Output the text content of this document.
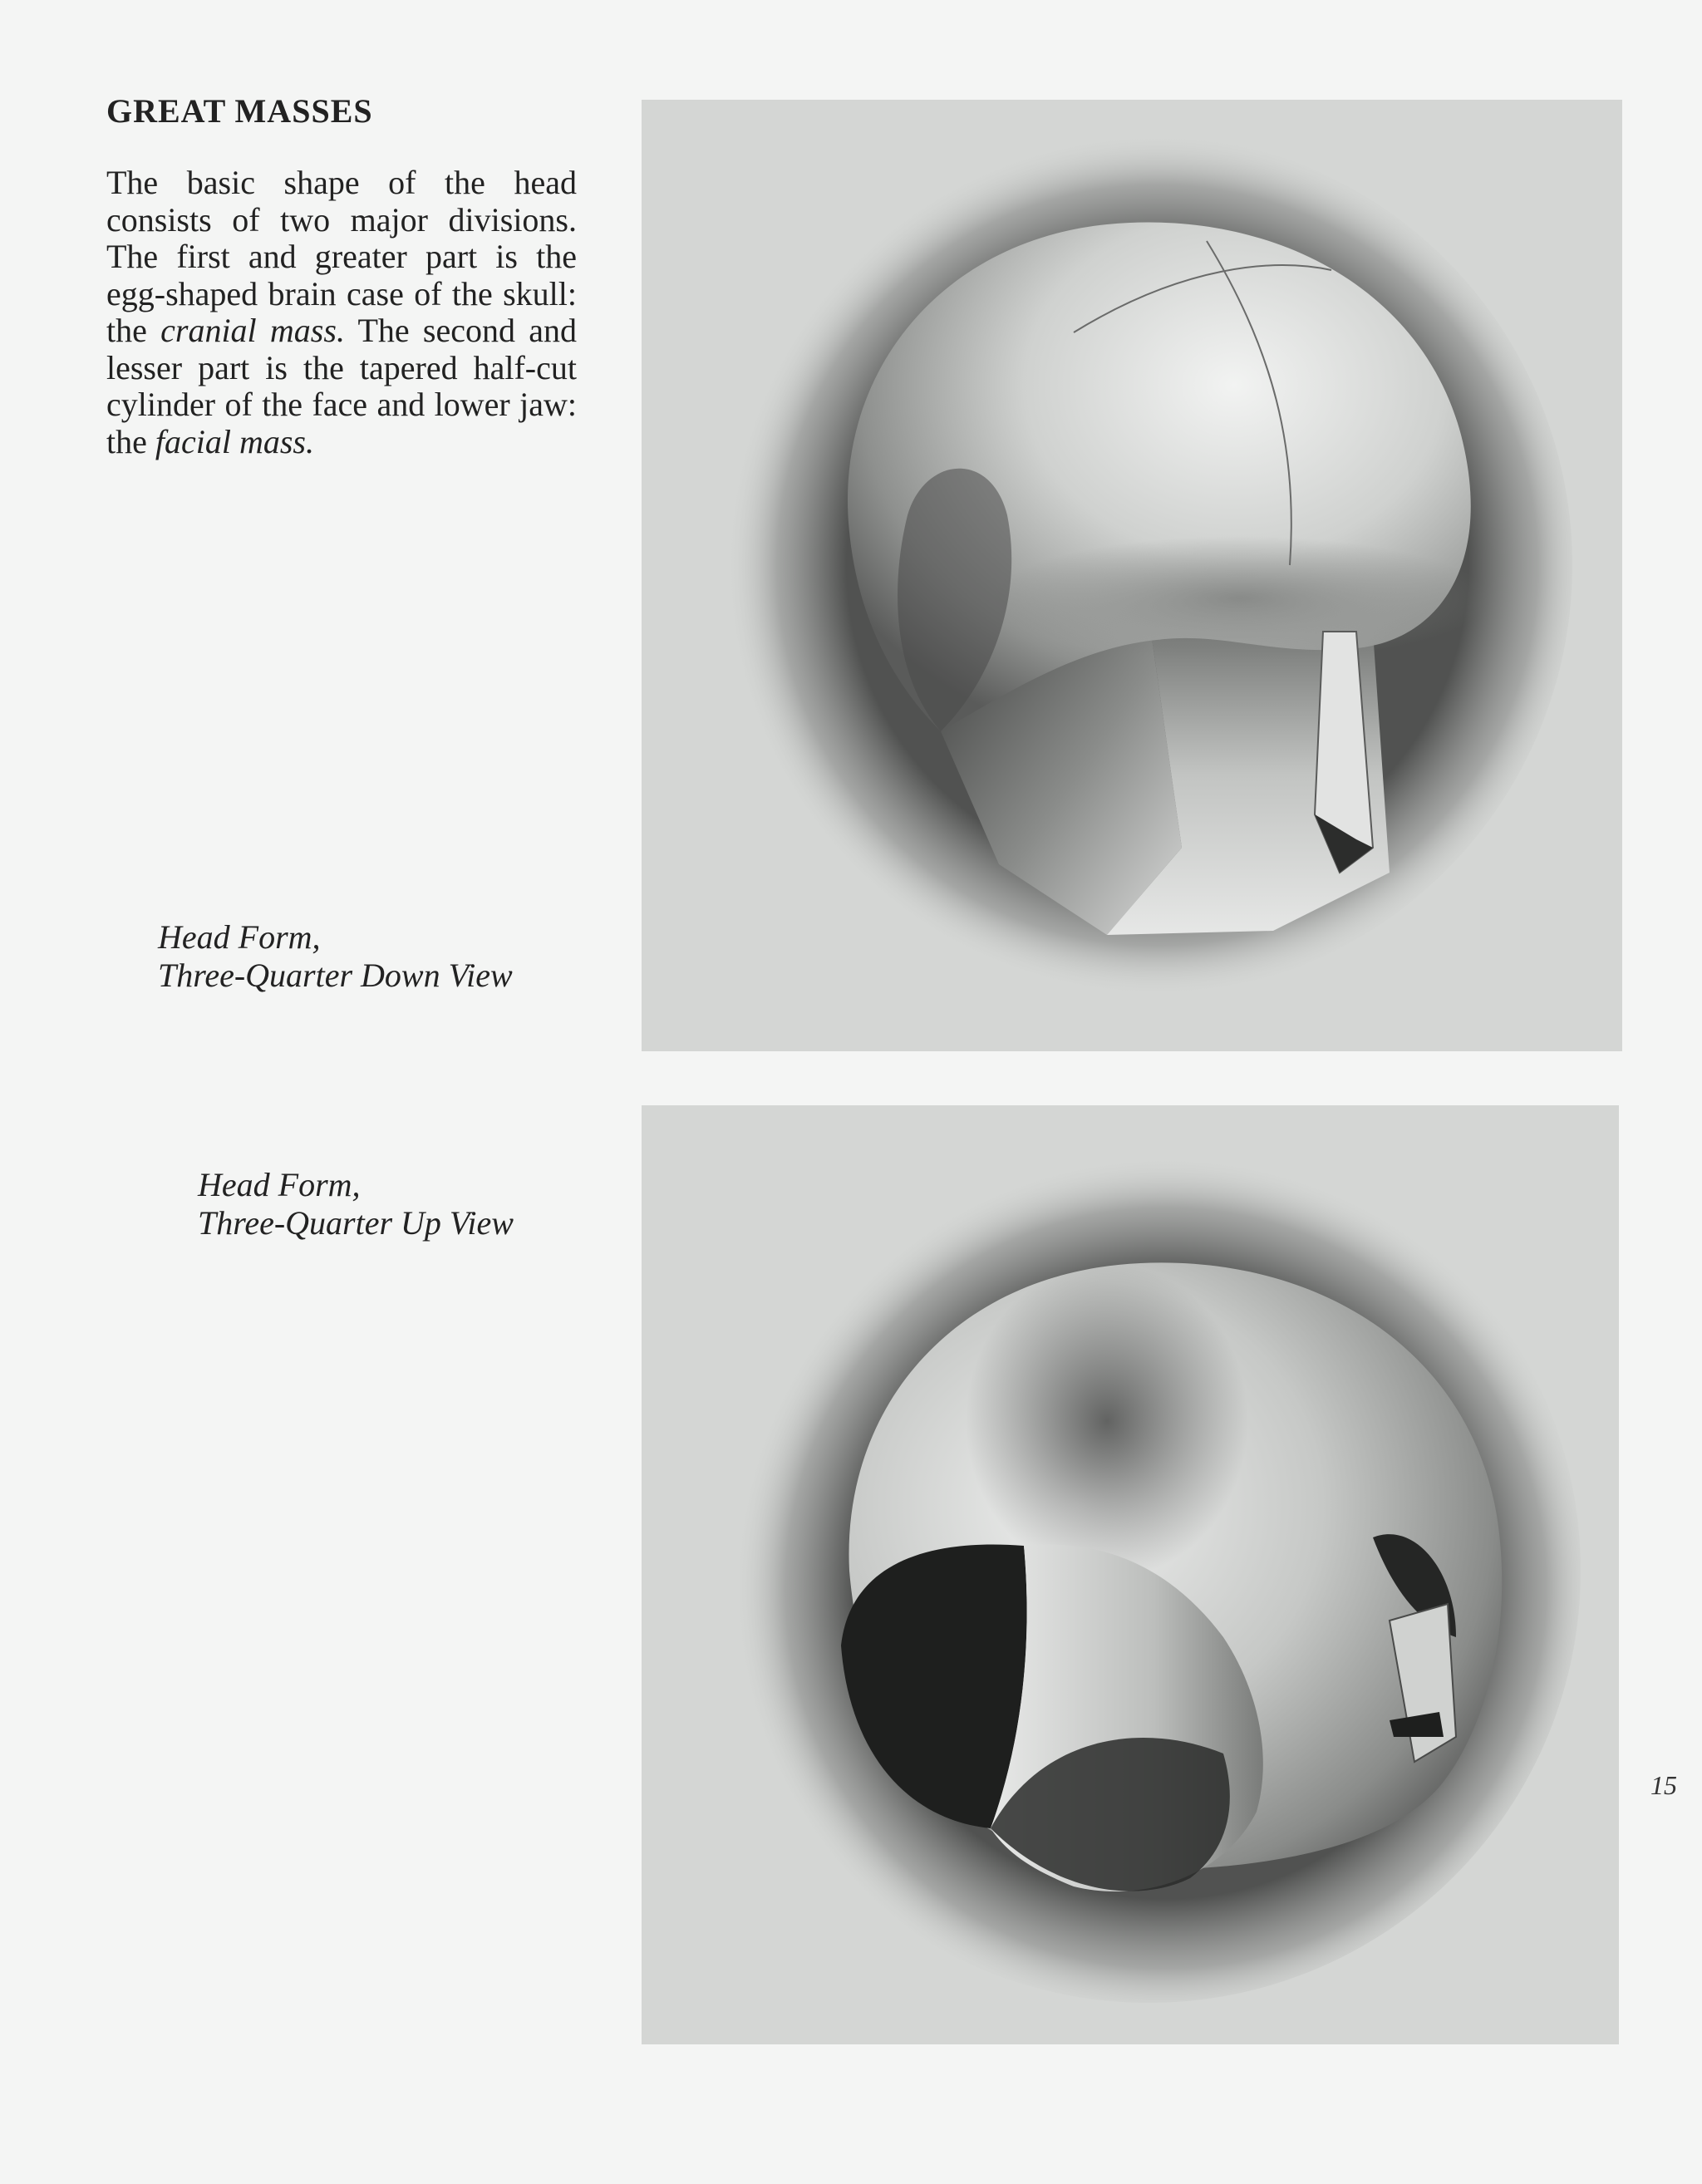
GREAT MASSES
The basic shape of the head consists of two major divisions. The first and greater part is the egg-shaped brain case of the skull: the cranial mass. The second and lesser part is the tapered half-cut cylinder of the face and lower jaw: the facial mass.
Head Form,
Three-Quarter Down View
Head Form,
Three-Quarter Up View
15
